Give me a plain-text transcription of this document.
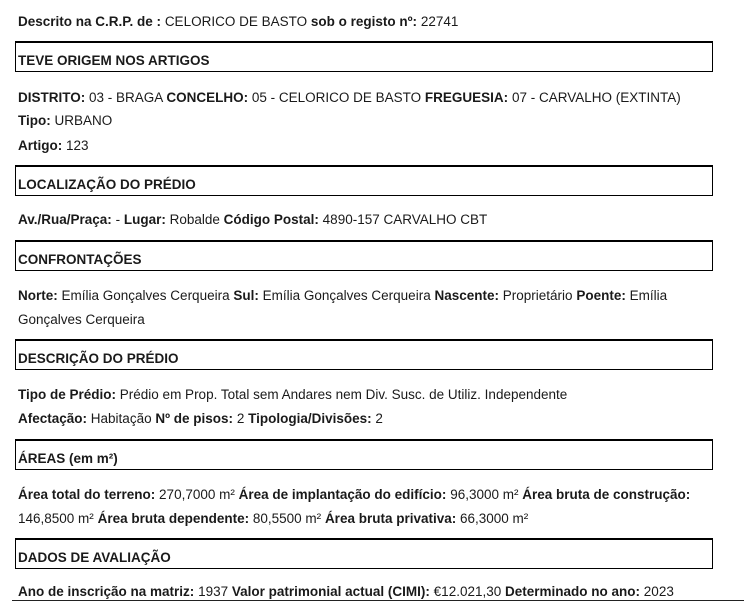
Descrito na C.R.P. de : CELORICO DE BASTO sob o registo nº: 22741
TEVE ORIGEM NOS ARTIGOS
DISTRITO: 03 - BRAGA CONCELHO: 05 - CELORICO DE BASTO FREGUESIA: 07 - CARVALHO (EXTINTA)
Tipo: URBANO
Artigo: 123
LOCALIZAÇÃO DO PRÉDIO
Av./Rua/Praça: - Lugar: Robalde Código Postal: 4890-157 CARVALHO CBT
CONFRONTAÇÕES
Norte: Emília Gonçalves Cerqueira Sul: Emília Gonçalves Cerqueira Nascente: Proprietário Poente: Emília
Gonçalves Cerqueira
DESCRIÇÃO DO PRÉDIO
Tipo de Prédio: Prédio em Prop. Total sem Andares nem Div. Susc. de Utiliz. Independente
Afectação: Habitação Nº de pisos: 2 Tipologia/Divisões: 2
ÁREAS (em m²)
Área total do terreno: 270,7000 m² Área de implantação do edifício: 96,3000 m² Área bruta de construção:
146,8500 m² Área bruta dependente: 80,5500 m² Área bruta privativa: 66,3000 m²
DADOS DE AVALIAÇÃO
Ano de inscrição na matriz: 1937 Valor patrimonial actual (CIMI): €12.021,30 Determinado no ano: 2023
